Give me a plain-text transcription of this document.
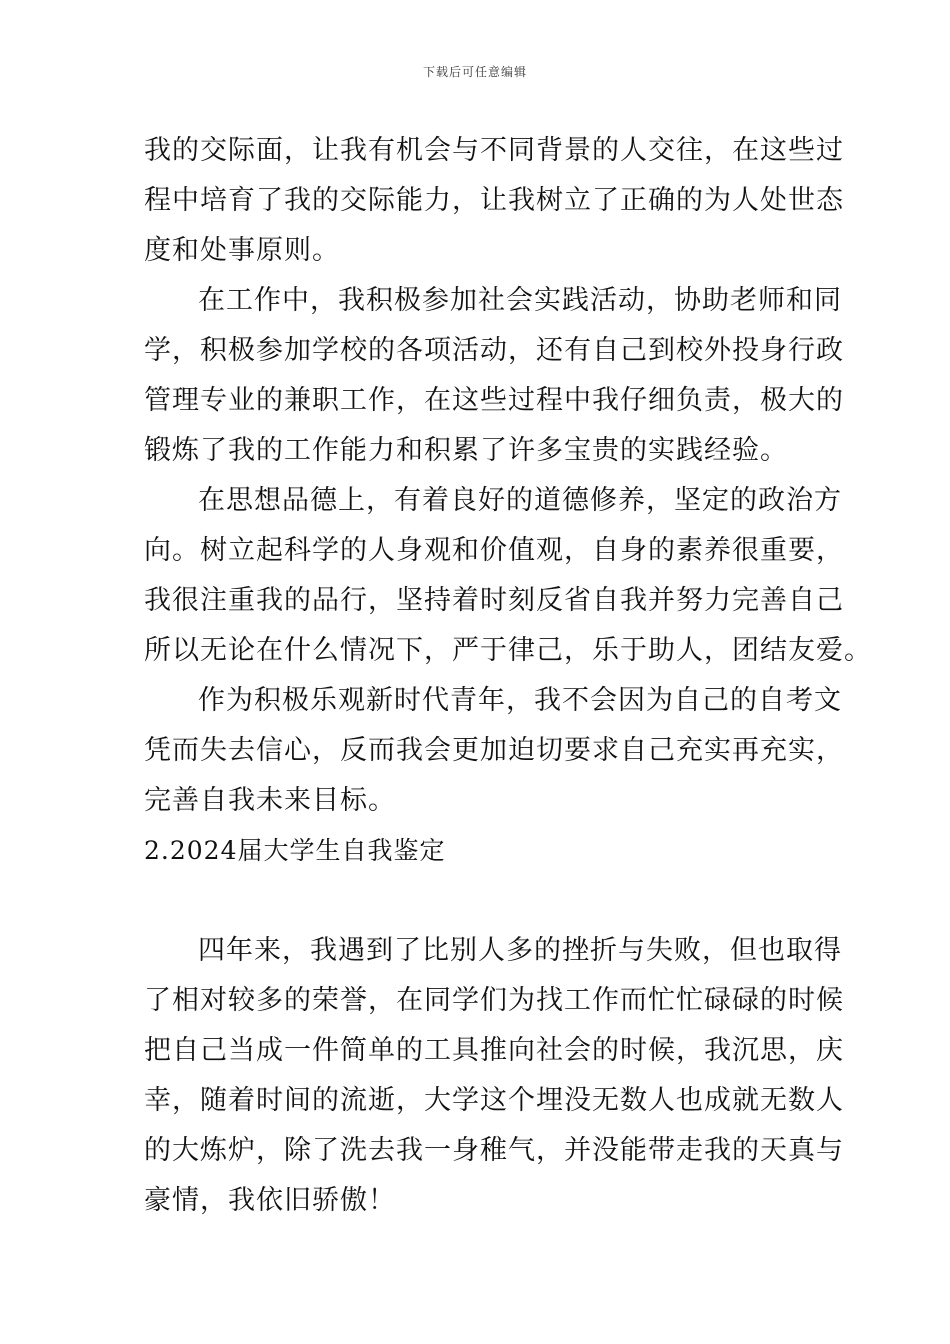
下载后可任意编辑
我的交际面，让我有机会与不同背景的人交往，在这些过
程中培育了我的交际能力，让我树立了正确的为人处世态
度和处事原则。
在工作中，我积极参加社会实践活动，协助老师和同
学，积极参加学校的各项活动，还有自己到校外投身行政
管理专业的兼职工作，在这些过程中我仔细负责，极大的
锻炼了我的工作能力和积累了许多宝贵的实践经验。
在思想品德上，有着良好的道德修养，坚定的政治方
向。树立起科学的人身观和价值观，自身的素养很重要，
我很注重我的品行，坚持着时刻反省自我并努力完善自己
所以无论在什么情况下，严于律己，乐于助人，团结友爱。
作为积极乐观新时代青年，我不会因为自己的自考文
凭而失去信心，反而我会更加迫切要求自己充实再充实，
完善自我未来目标。
2.2024届大学生自我鉴定
四年来，我遇到了比别人多的挫折与失败，但也取得
了相对较多的荣誉，在同学们为找工作而忙忙碌碌的时候
把自己当成一件简单的工具推向社会的时候，我沉思，庆
幸，随着时间的流逝，大学这个埋没无数人也成就无数人
的大炼炉，除了洗去我一身稚气，并没能带走我的天真与
豪情，我依旧骄傲！
